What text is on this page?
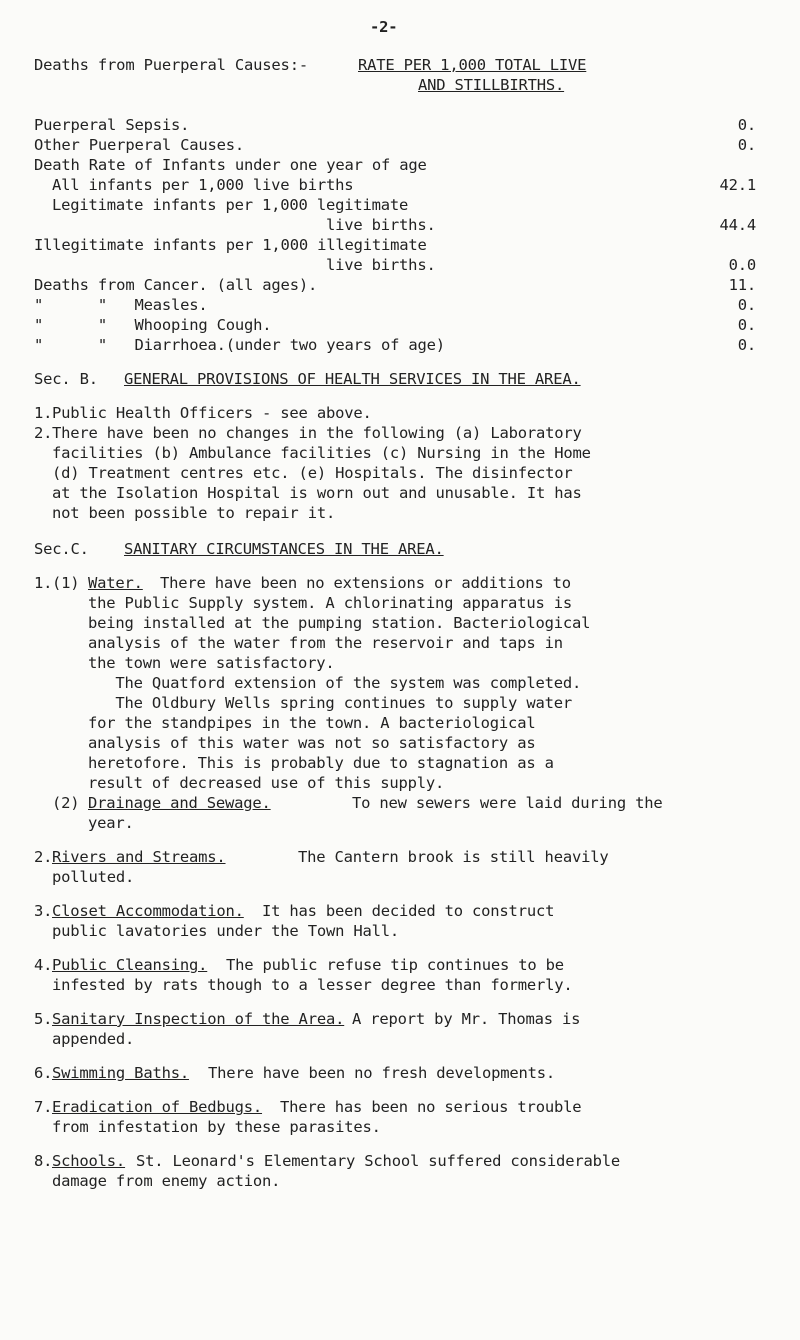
-2-
Deaths from Puerperal Causes:-	RATE PER 1,000 TOTAL LIVE
AND STILLBIRTHS.
Puerperal Sepsis.	0.
Other Puerperal Causes.	0.
Death Rate of Infants under one year of age
All infants per 1,000 live births	42.1
Legitimate infants per 1,000 legitimate
live births.	44.4
Illegitimate infants per 1,000 illegitimate
live births.	0.0
Deaths from Cancer. (all ages).	11.
"      "   Measles.	0.
"      "   Whooping Cough.	0.
"      "   Diarrhoea.(under two years of age)	0.
Sec. B. GENERAL PROVISIONS OF HEALTH SERVICES IN THE AREA.
1. Public Health Officers - see above.
2. There have been no changes in the following (a) Laboratory
facilities (b) Ambulance facilities (c) Nursing in the Home
(d) Treatment centres etc. (e) Hospitals. The disinfector
at the Isolation Hospital is worn out and unusable. It has
not been possible to repair it.
Sec.C. SANITARY CIRCUMSTANCES IN THE AREA.
1. (1) Water. There have been no extensions or additions to
the Public Supply system. A chlorinating apparatus is
being installed at the pumping station. Bacteriological
analysis of the water from the reservoir and taps in
the town were satisfactory.
The Quatford extension of the system was completed.
The Oldbury Wells spring continues to supply water
for the standpipes in the town. A bacteriological
analysis of this water was not so satisfactory as
heretofore. This is probably due to stagnation as a
result of decreased use of this supply.
(2) Drainage and Sewage.	To new sewers were laid during the
year.
2. Rivers and Streams.	The Cantern brook is still heavily
polluted.
3. Closet Accommodation. It has been decided to construct
public lavatories under the Town Hall.
4. Public Cleansing. The public refuse tip continues to be
infested by rats though to a lesser degree than formerly.
5. Sanitary Inspection of the Area. A report by Mr. Thomas is
appended.
6. Swimming Baths. There have been no fresh developments.
7. Eradication of Bedbugs. There has been no serious trouble
from infestation by these parasites.
8. Schools. St. Leonard's Elementary School suffered considerable
damage from enemy action.
